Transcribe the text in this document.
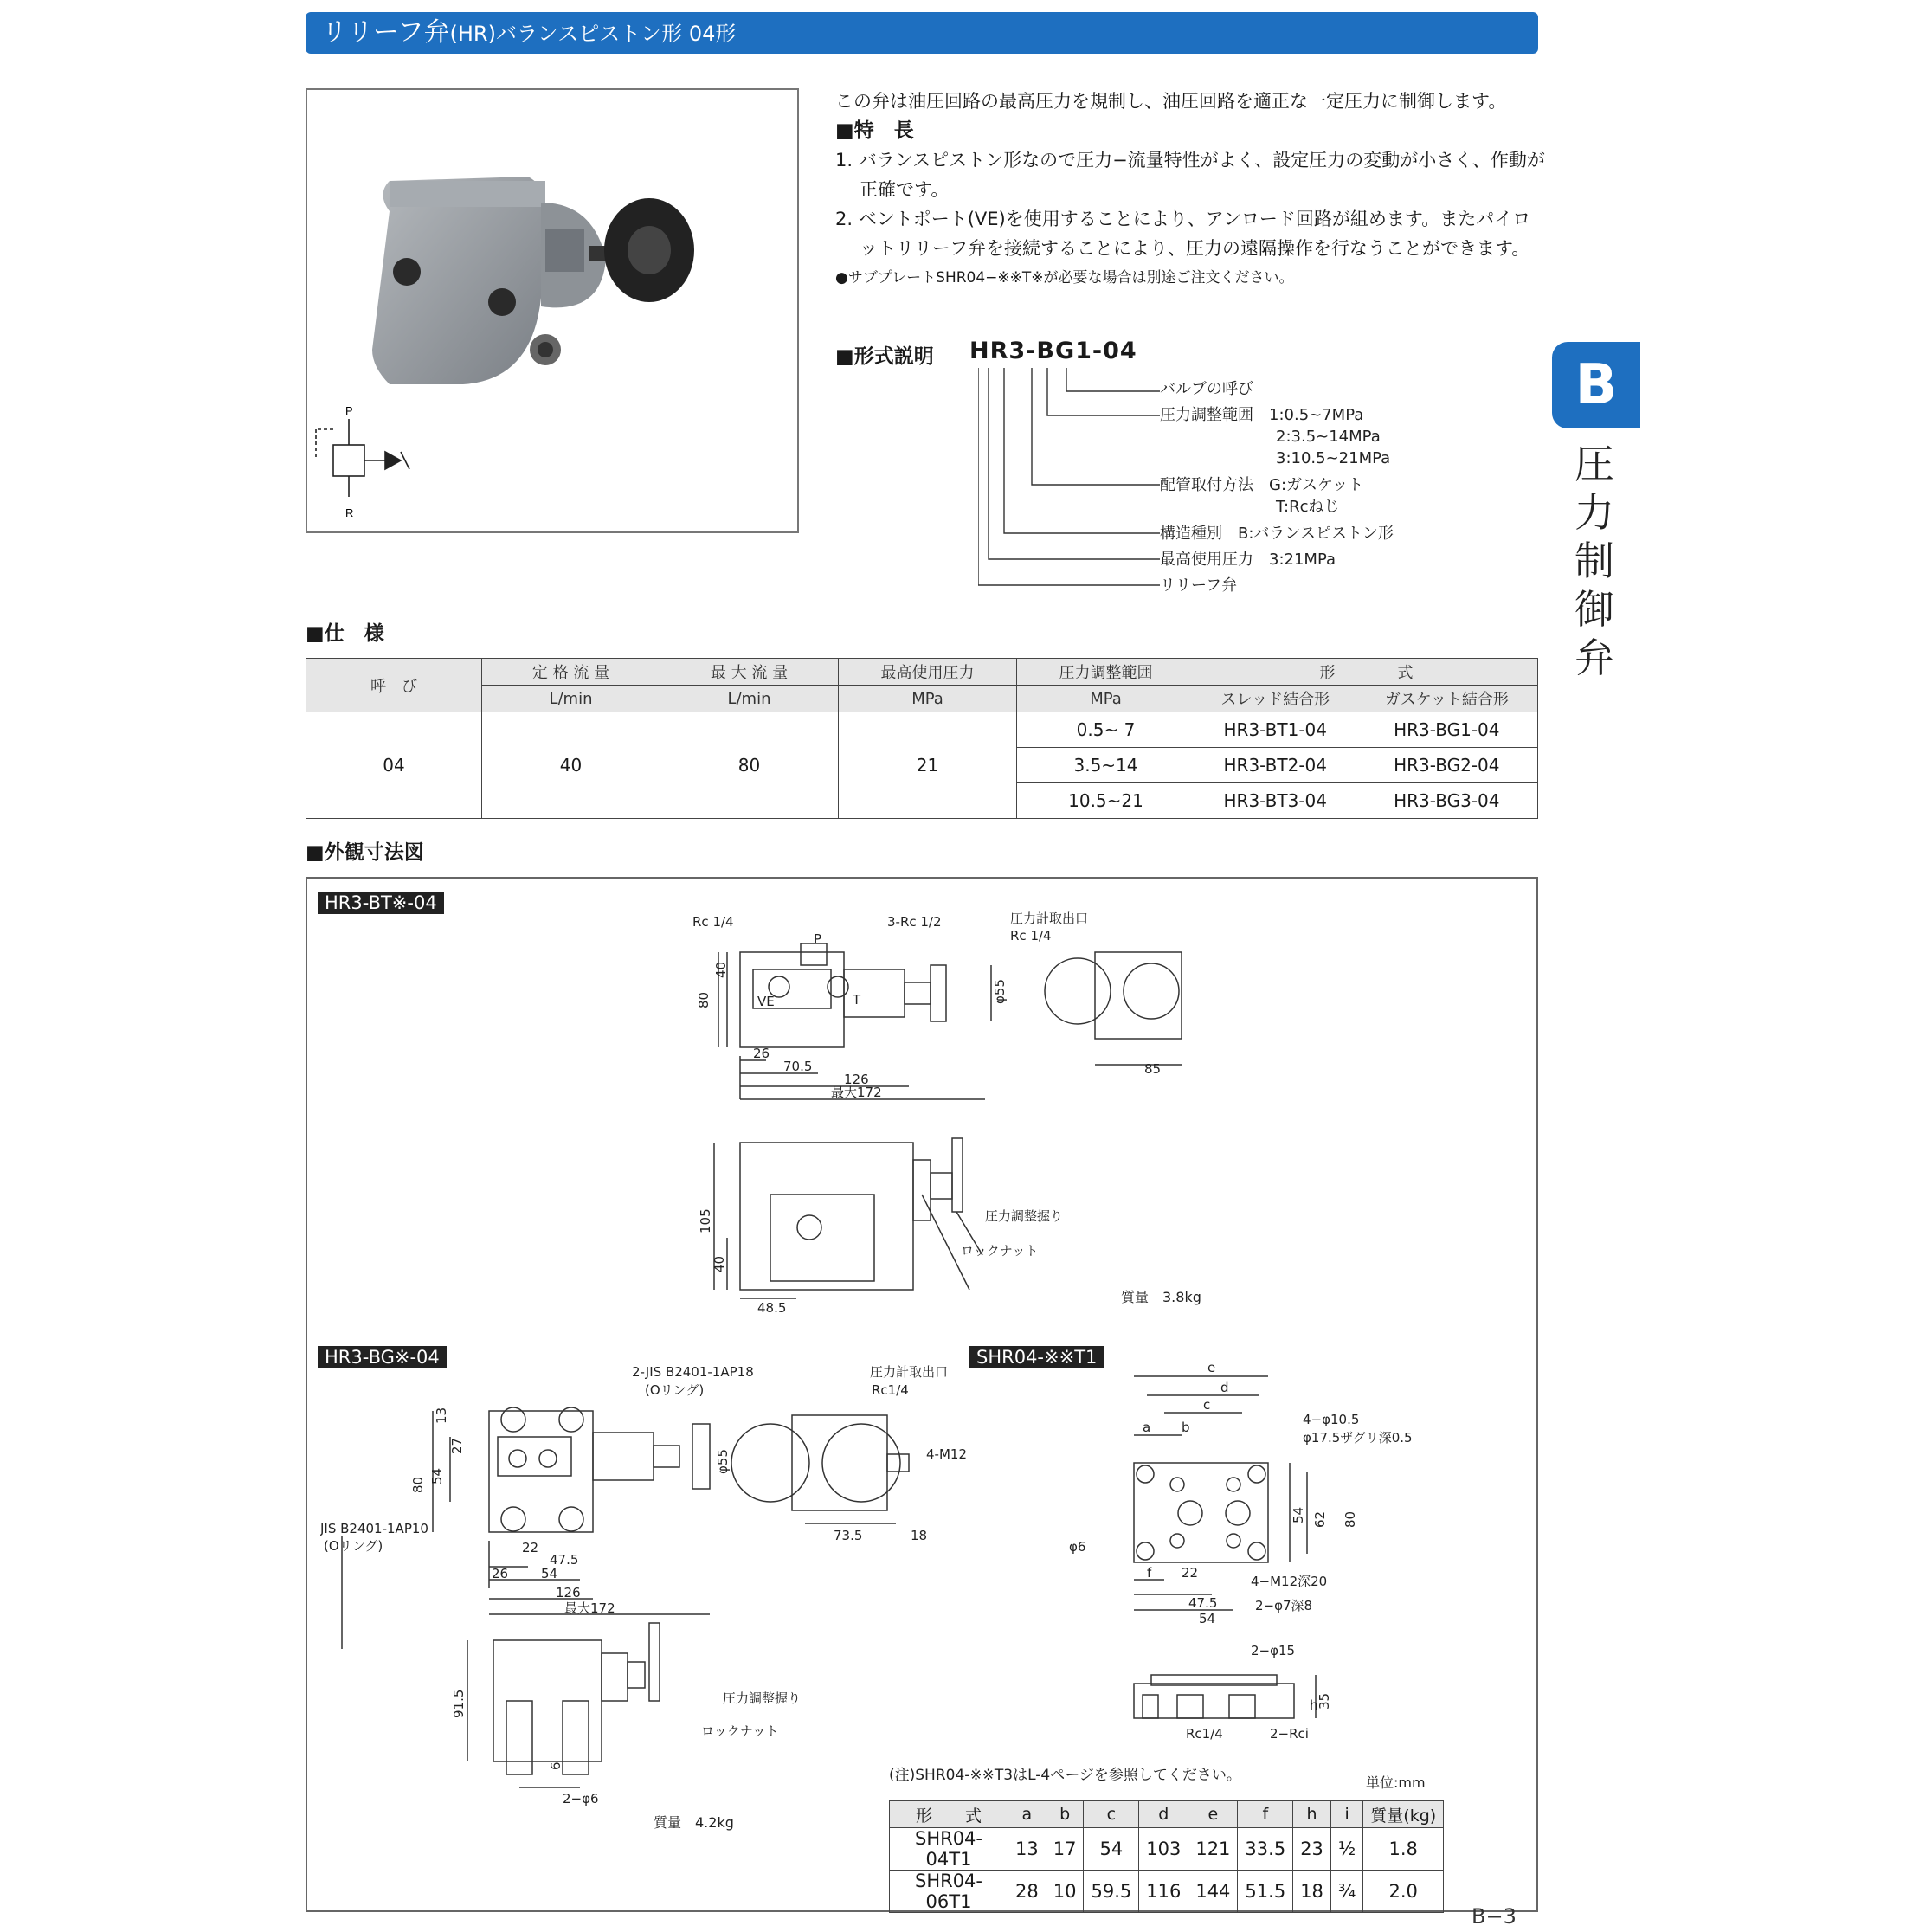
リリーフ弁(HR)バランスピストン形 04形
P
R
この弁は油圧回路の最高圧力を規制し、油圧回路を適正な一定圧力に制御します。
■特　長
1. バランスピストン形なので圧力−流量特性がよく、設定圧力の変動が小さく、作動が正確です。
2. ベントポート(VE)を使用することにより、アンロード回路が組めます。またパイロットリリーフ弁を接続することにより、圧力の遠隔操作を行なうことができます。
●サブプレートSHR04−※※T※が必要な場合は別途ご注文ください。
B
圧
力
制
御
弁
■形式説明 HR3-BG1-04
バルブの呼び
圧力調整範囲　1:0.5~7MPa
2:3.5~14MPa
3:10.5~21MPa
配管取付方法　G:ガスケット
T:Rcねじ
構造種別　B:バランスピストン形
最高使用圧力　3:21MPa
リリーフ弁
■仕　様
呼　び	定 格 流 量	最 大 流 量	最高使用圧力	圧力調整範囲	形　　　　式	
	L/min	L/min	MPa	MPa	スレッド結合形	ガスケット結合形
04	40	80	21	0.5~ 7	HR3-BT1-04	HR3-BG1-04
				3.5~14	HR3-BT2-04	HR3-BG2-04
				10.5~21	HR3-BT3-04	HR3-BG3-04
■外観寸法図
HR3-BT※-04
Rc 1/4	3-Rc 1/2	圧力計取出口
Rc 1/4
P
T
VE
40
80	φ55
26
70.5
126
最大172
85
105
40
48.5
圧力調整握り
ロックナット
質量　3.8kg
HR3-BG※-04
2-JIS B2401-1AP18
(Oリング)
圧力計取出口
Rc1/4
4-M12
13
27
54
80
φ55
22
47.5
26	54
126
最大172
73.5	18
JIS B2401-1AP10
(Oリング)
91.5
6
2−φ6
圧力調整握り
ロックナット
質量　4.2kg
SHR04-※※T1	e
d
c
a b	4−φ10.5
φ17.5ザグリ深0.5
54 62 80
φ6
f 22
4−M12深20
47.5	2−φ7深8
54
2−φ15
h
35
Rc1/4	2−Rci
(注)SHR04-※※T3はL-4ページを参照してください。	単位:mm
形　　式	a	b	c	d	e	f	h	i	質量(kg)
SHR04-04T1	13	17	54	103	121	33.5	23	½	1.8
SHR04-06T1	28	10	59.5	116	144	51.5	18	¾	2.0
B−3
